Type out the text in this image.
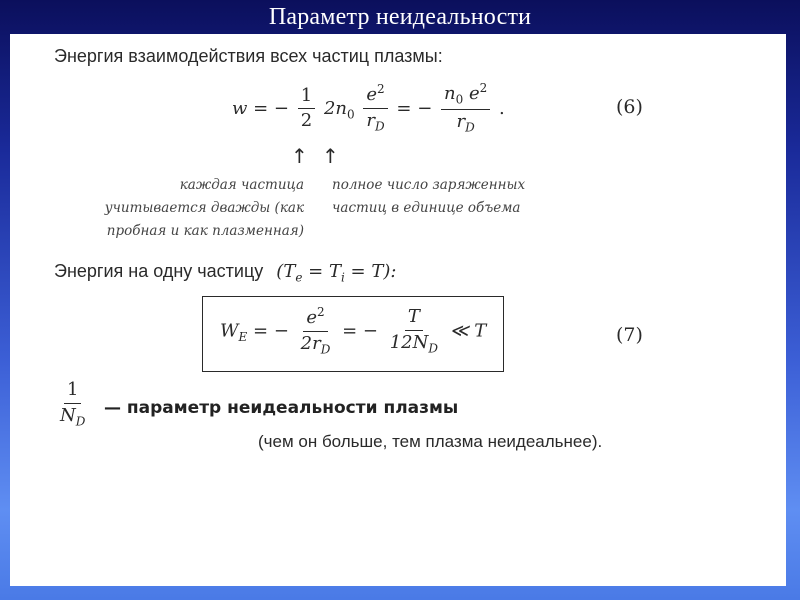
Параметр неидеальности
Энергия взаимодействия всех частиц плазмы:
w = − $\frac{1}{2} 2n_0 \frac{e^2}{r_D}$ = − $\frac{n_0 e^2}{r_D}$ .	(6)
↑ ↑
каждая частица
учитывается дважды (как
пробная и как плазменная)
полное число заряженных
частиц в единице объема
Энергия на одну частицу $(T_e = T_i = T)$:
$W_E$ = − $\frac{e^2}{2r_D}$ = − $\frac{T}{12N_D}$ ≪ T	(7)
$\frac{1}{N_D}$ — параметр неидеальности плазмы
(чем он больше, тем плазма неидеальнее).
